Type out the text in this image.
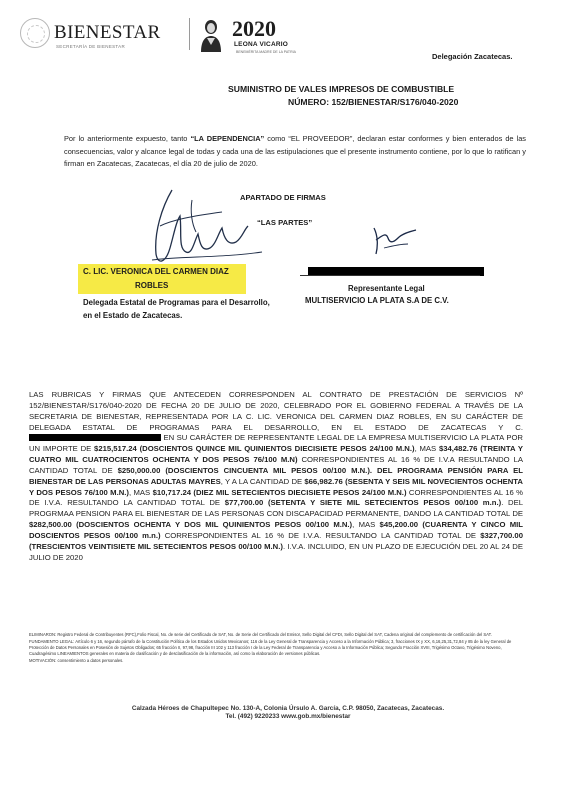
BIENESTAR
SECRETARÍA DE BIENESTAR
2020
LEONA VICARIO
BENEMÉRITA MADRE DE LA PATRIA	Delegación Zacatecas.
SUMINISTRO DE VALES IMPRESOS DE COMBUSTIBLE
NÚMERO: 152/BIENESTAR/S176/040-2020
Por lo anteriormente expuesto, tanto “LA DEPENDENCIA” como “EL PROVEEDOR”, declaran estar conformes y bien enterados de las consecuencias, valor y alcance legal de todas y cada una de las estipulaciones que el presente instrumento contiene, por lo que lo ratifican y firman en Zacatecas, Zacatecas, el día 20 de julio de 2020.
APARTADO DE FIRMAS
“LAS PARTES”
C. LIC. VERONICA DEL CARMEN DIAZ
ROBLES
Delegada Estatal de Programas para el Desarrollo, en el Estado de Zacatecas.
Representante Legal
MULTISERVICIO LA PLATA S.A DE C.V.
LAS RUBRICAS Y FIRMAS QUE ANTECEDEN CORRESPONDEN AL CONTRATO DE PRESTACIÓN DE SERVICIOS Nº 152/BIENESTAR/S176/040-2020 DE FECHA 20 DE JULIO DE 2020, CELEBRADO POR EL GOBIERNO FEDERAL A TRAVÉS DE LA SECRETARIA DE BIENESTAR, REPRESENTADA POR LA C. LIC. VERONICA DEL CARMEN DIAZ ROBLES, EN SU CARÁCTER DE DELEGADA ESTATAL DE PROGRAMAS PARA EL DESARROLLO, EN EL ESTADO DE ZACATECAS Y C.  EN SU CARÁCTER DE REPRESENTANTE LEGAL DE LA EMPRESA MULTISERVICIO LA PLATA POR UN IMPORTE DE $215,517.24 (DOSCIENTOS QUINCE MIL QUINIENTOS DIECISIETE PESOS 24/100 M.N.), MAS $34,482.76 (TREINTA Y CUATRO MIL CUATROCIENTOS OCHENTA Y DOS PESOS 76/100 M.N) CORRESPONDIENTES AL 16 % DE I.V.A RESULTANDO LA CANTIDAD TOTAL DE $250,000.00 (DOSCIENTOS CINCUENTA MIL PESOS 00/100 M.N.). DEL PROGRAMA PENSIÓN PARA EL BIENESTAR DE LAS PERSONAS ADULTAS MAYRES, Y A LA CANTIDAD DE $66,982.76 (SESENTA Y SEIS MIL NOVECIENTOS OCHENTA Y DOS PESOS 76/100 M.N.), MAS $10,717.24 (DIEZ MIL SETECIENTOS DIECISIETE PESOS 24/100 M.N.) CORRESPONDIENTES AL 16 % DE I.V.A. RESULTANDO LA CANTIDAD TOTAL DE $77,700.00 (SETENTA Y SIETE MIL SETECIENTOS PESOS 00/100 m.n.). DEL PROGRMAA PENSION PARA EL BIENESTAR DE LAS PERSONAS CON DISCAPACIDAD PERMANENTE, DANDO LA CANTIDAD TOTAL DE $282,500.00 (DOSCIENTOS OCHENTA Y DOS MIL QUINIENTOS PESOS 00/100 M.N.), MAS $45,200.00 (CUARENTA Y CINCO MIL DOSCIENTOS PESOS 00/100 m.n.) CORRESPONDIENTES AL 16 % DE I.V.A. RESULTANDO LA CANTIDAD TOTAL DE $327,700.00 (TRESCIENTOS VEINTISIETE MIL SETECIENTOS PESOS 00/100 M.N.). I.V.A. INCLUIDO, EN UN PLAZO DE EJECUCIÓN DEL 20 AL 24 DE JULIO DE 2020

ELIMINARON: Registro Federal de Contribuyentes (RFC),Folio Fiscal, No. de serie del Certificado de SAT, No. de Serie del Certificado del Emisor, Sello Digital del CFDI, Sello Digital del SAT, Cadena original del complemento de certificación del SAT.

FUNDAMENTO LEGAL: Artículo 6 y 16, segundo párrafo de la Constitución Política de los Estados Unidos Mexicanos; 116 de la Ley General de Transparencia y Acceso a la Información Pública; 3, fracciones IX y XX, 6,16,25,31,72,84 y 85 de la ley General de Protección de Datos Personales en Posesión de Sujetos Obligados; 65 fracción II, 97,98, fracción III 102 y 113 fracción I de la Ley Federal de Transparencia y Acceso a la Información Pública; Segundo Fracción XVIII, Trigésimo Octavo, Trigésimo Noveno, Cuadragésimo LINEAMIENTOS generales en materia de clasificación y de desclasificación de la información, así como la elaboración de versiones públicas.

MOTIVACIÓN: consentimiento a datos personales.

Calzada Héroes de Chapultepec No. 130-A, Colonia Úrsulo A. García, C.P. 98050, Zacatecas, Zacatecas.
Tel. (492) 9220233 www.gob.mx/bienestar
